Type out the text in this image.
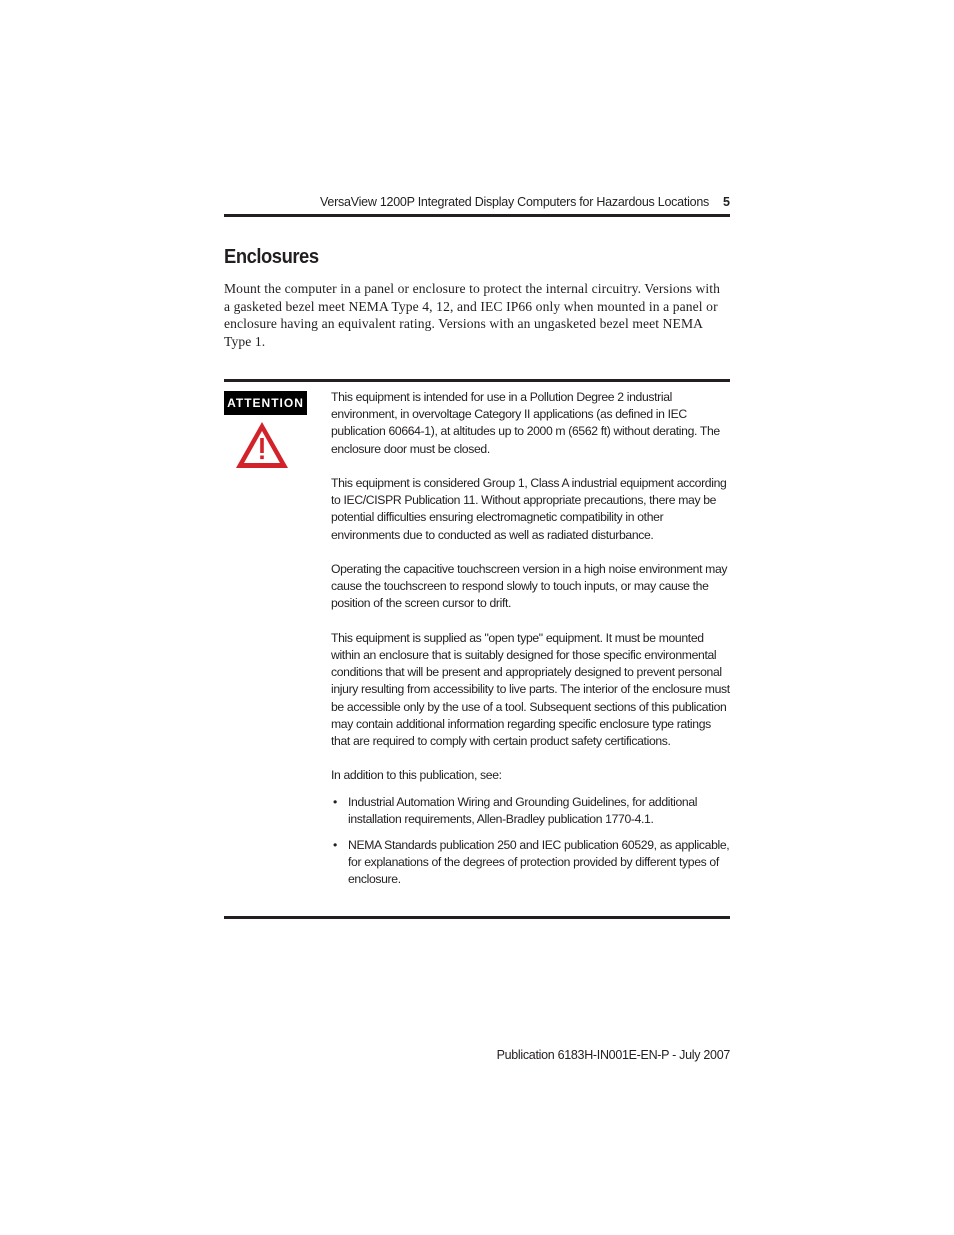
VersaView 1200P Integrated Display Computers for Hazardous Locations 5
Enclosures

Mount the computer in a panel or enclosure to protect the internal circuitry. Versions with a gasketed bezel meet NEMA Type 4, 12, and IEC IP66 only when mounted in a panel or enclosure having an equivalent rating. Versions with an ungasketed bezel meet NEMA Type 1.

ATTENTION This equipment is intended for use in a Pollution Degree 2 industrial environment, in overvoltage Category II applications (as defined in IEC publication 60664-1), at altitudes up to 2000 m (6562 ft) without derating. The enclosure door must be closed.

This equipment is considered Group 1, Class A industrial equipment according to IEC/CISPR Publication 11. Without appropriate precautions, there may be potential difficulties ensuring electromagnetic compatibility in other environments due to conducted as well as radiated disturbance.

Operating the capacitive touchscreen version in a high noise environment may cause the touchscreen to respond slowly to touch inputs, or may cause the position of the screen cursor to drift.

This equipment is supplied as "open type" equipment. It must be mounted within an enclosure that is suitably designed for those specific environmental conditions that will be present and appropriately designed to prevent personal injury resulting from accessibility to live parts. The interior of the enclosure must be accessible only by the use of a tool. Subsequent sections of this publication may contain additional information regarding specific enclosure type ratings that are required to comply with certain product safety certifications.

In addition to this publication, see:

• Industrial Automation Wiring and Grounding Guidelines, for additional installation requirements, Allen-Bradley publication 1770-4.1.
• NEMA Standards publication 250 and IEC publication 60529, as applicable, for explanations of the degrees of protection provided by different types of enclosure.
Publication 6183H-IN001E-EN-P - July 2007
